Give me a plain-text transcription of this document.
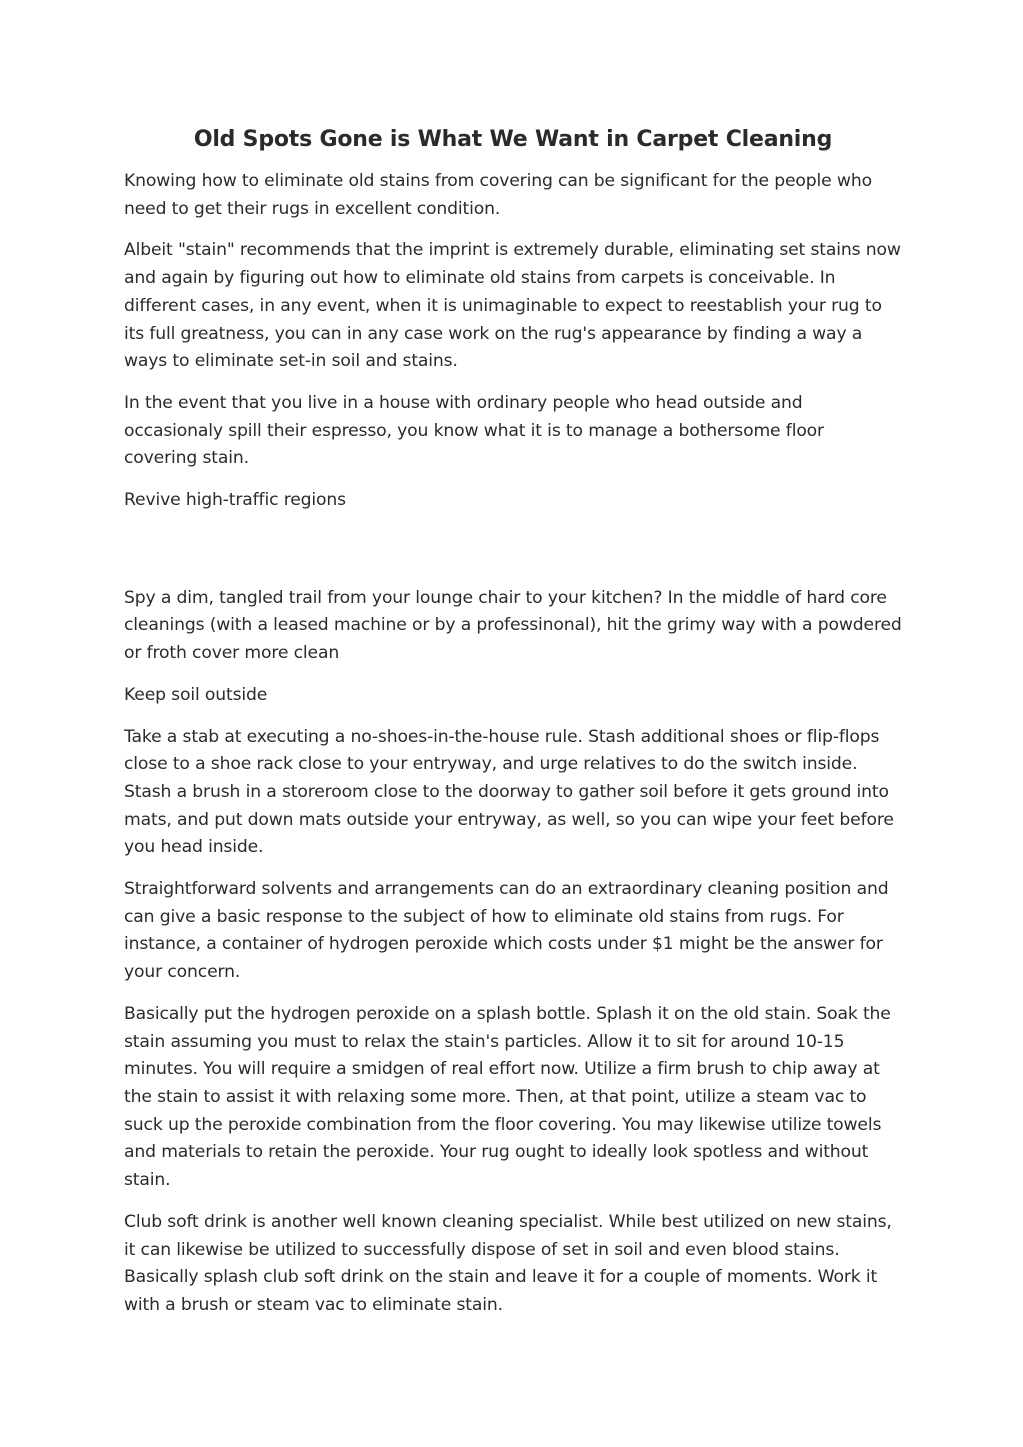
Old Spots Gone is What We Want in Carpet Cleaning

Knowing how to eliminate old stains from covering can be significant for the people who need to get their rugs in excellent condition.

Albeit "stain" recommends that the imprint is extremely durable, eliminating set stains now and again by figuring out how to eliminate old stains from carpets is conceivable. In different cases, in any event, when it is unimaginable to expect to reestablish your rug to its full greatness, you can in any case work on the rug's appearance by finding a way a ways to eliminate set-in soil and stains.

In the event that you live in a house with ordinary people who head outside and occasionaly spill their espresso, you know what it is to manage a bothersome floor covering stain.

Revive high-traffic regions

Spy a dim, tangled trail from your lounge chair to your kitchen? In the middle of hard core cleanings (with a leased machine or by a professinonal), hit the grimy way with a powdered or froth cover more clean

Keep soil outside

Take a stab at executing a no-shoes-in-the-house rule. Stash additional shoes or flip-flops close to a shoe rack close to your entryway, and urge relatives to do the switch inside. Stash a brush in a storeroom close to the doorway to gather soil before it gets ground into mats, and put down mats outside your entryway, as well, so you can wipe your feet before you head inside.

Straightforward solvents and arrangements can do an extraordinary cleaning position and can give a basic response to the subject of how to eliminate old stains from rugs. For instance, a container of hydrogen peroxide which costs under $1 might be the answer for your concern.

Basically put the hydrogen peroxide on a splash bottle. Splash it on the old stain. Soak the stain assuming you must to relax the stain's particles. Allow it to sit for around 10-15 minutes. You will require a smidgen of real effort now. Utilize a firm brush to chip away at the stain to assist it with relaxing some more. Then, at that point, utilize a steam vac to suck up the peroxide combination from the floor covering. You may likewise utilize towels and materials to retain the peroxide. Your rug ought to ideally look spotless and without stain.

Club soft drink is another well known cleaning specialist. While best utilized on new stains, it can likewise be utilized to successfully dispose of set in soil and even blood stains. Basically splash club soft drink on the stain and leave it for a couple of moments. Work it with a brush or steam vac to eliminate stain.
